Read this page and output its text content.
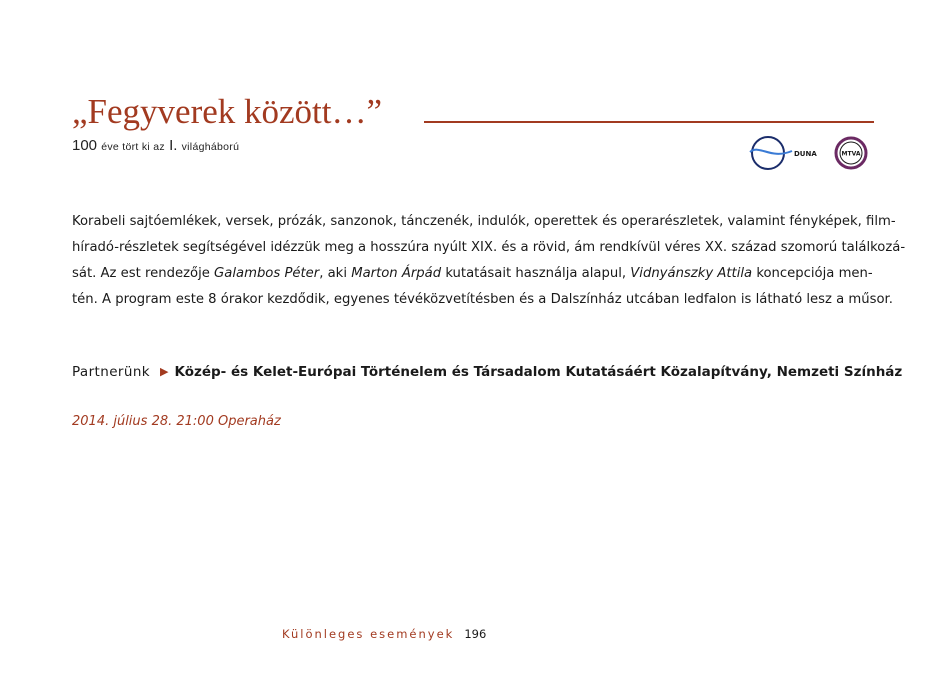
„Fegyverek között…”
100 éve tört ki az I. világháború
DUNA	MTVA
Korabeli sajtóemlékek, versek, prózák, sanzonok, tánczenék, indulók, operettek és operarészletek, valamint fényképek, film-
híradó-részletek segítségével idézzük meg a hosszúra nyúlt XIX. és a rövid, ám rendkívül véres XX. század szomorú találkozá-
sát. Az est rendezője Galambos Péter, aki Marton Árpád kutatásait használja alapul, Vidnyánszky Attila koncepciója men-
tén. A program este 8 órakor kezdődik, egyenes tévéközvetítésben és a Dalszínház utcában ledfalon is látható lesz a műsor.
Partnerünk ▶ Közép- és Kelet-Európai Történelem és Társadalom Kutatásáért Közalapítvány, Nemzeti Színház
2014. július 28. 21:00 Operaház
Különleges események 196
